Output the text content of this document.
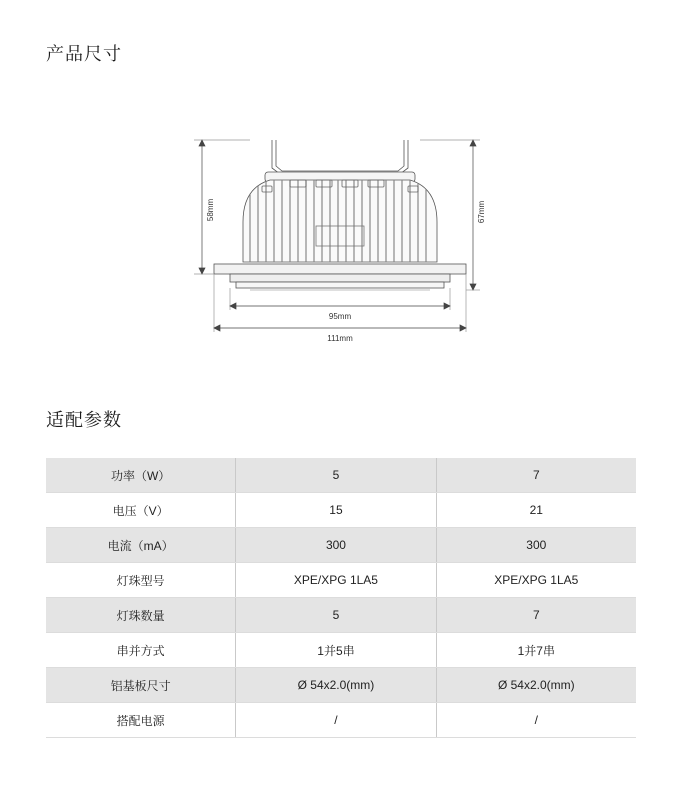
产品尺寸
58mm	67mm
95mm
111mm
适配参数
功率（W）	5	7
电压（V）	15	21
电流（mA）	300	300
灯珠型号	XPE/XPG 1LA5	XPE/XPG 1LA5
灯珠数量	5	7
串并方式	1并5串	1并7串
铝基板尺寸	Ø 54x2.0(mm)	Ø 54x2.0(mm)
搭配电源	/	/
